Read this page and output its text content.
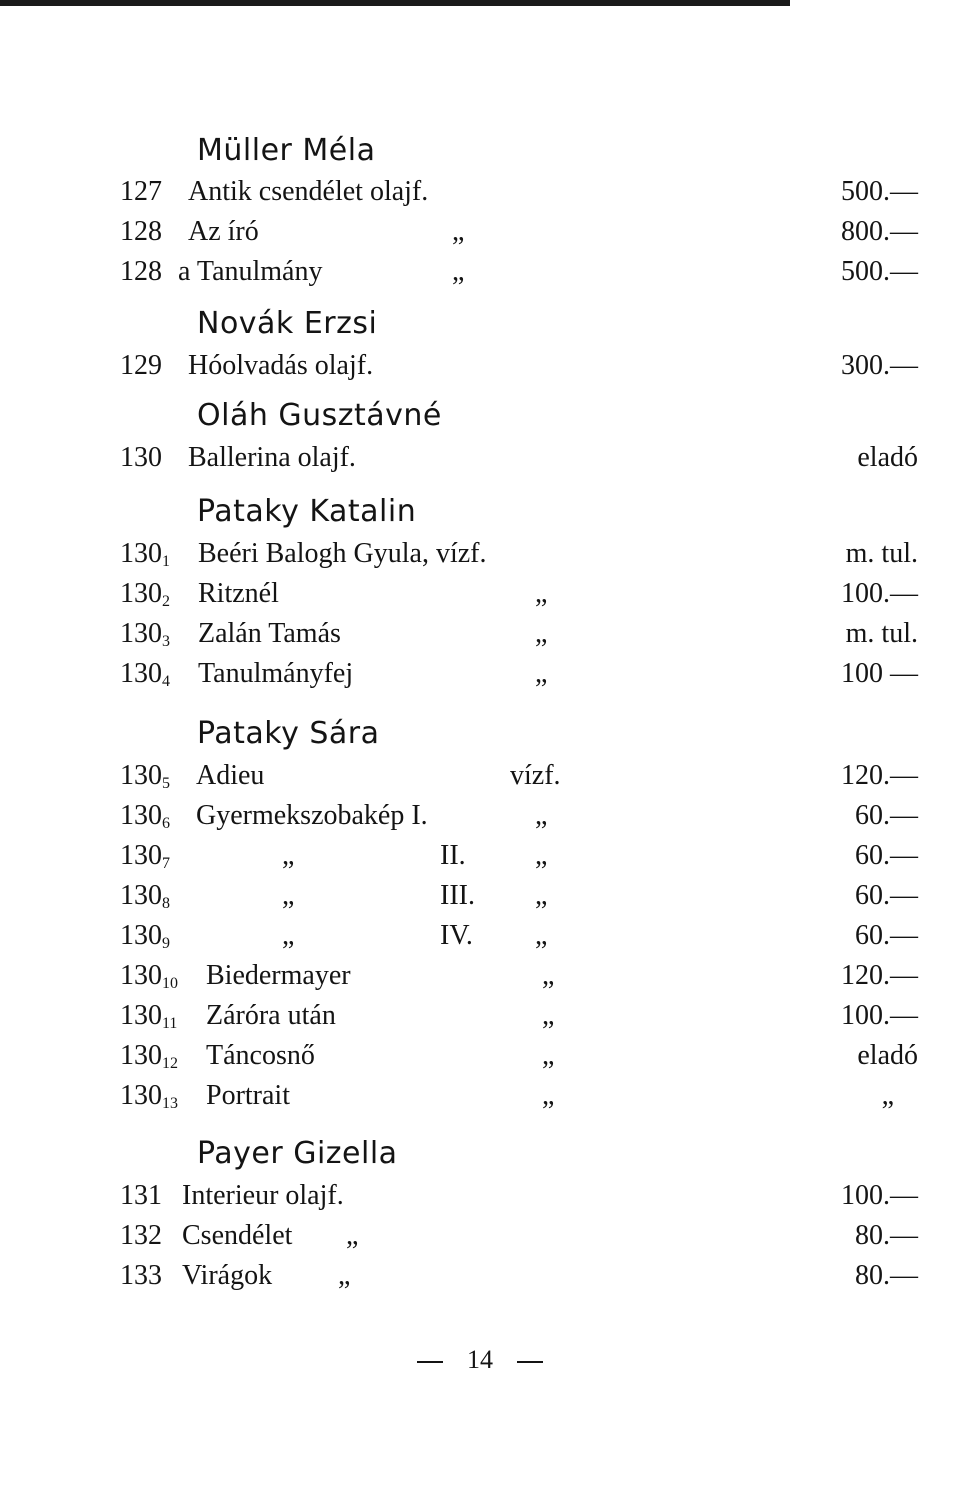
Müller Méla
127 Antik csendélet olajf.	500.—
128 Az író	„	800.—
128 a Tanulmány	„	500.—
Novák Erzsi
129 Hóolvadás olajf.	300.—
Oláh Gusztávné
130 Ballerina olajf.	eladó
Pataky Katalin
$130_1$ Beéri Balogh Gyula, vízf.	m. tul.
$130_2$ Ritznél	„	100.—
$130_3$ Zalán Tamás	„	m. tul.
$130_4$ Tanulmányfej	„	100 —
Pataky Sára
$130_5$ Adieu	vízf.	120.—
$130_6$ Gyermekszobakép I.	„	60.—
$130_7$	„	II. „	60.—
$130_8$	„	III. „	60.—
$130_9$	„	IV. „	60.—
$130_{10}$ Biedermayer	„	120.—
$130_{11}$ Záróra után	„	100.—
$130_{12}$ Táncosnő	„	eladó
$130_{13}$ Portrait	„	„
Payer Gizella
131 Interieur olajf.	100.—
132 Csendélet „	80.—
133 Virágok „	80.—
14
